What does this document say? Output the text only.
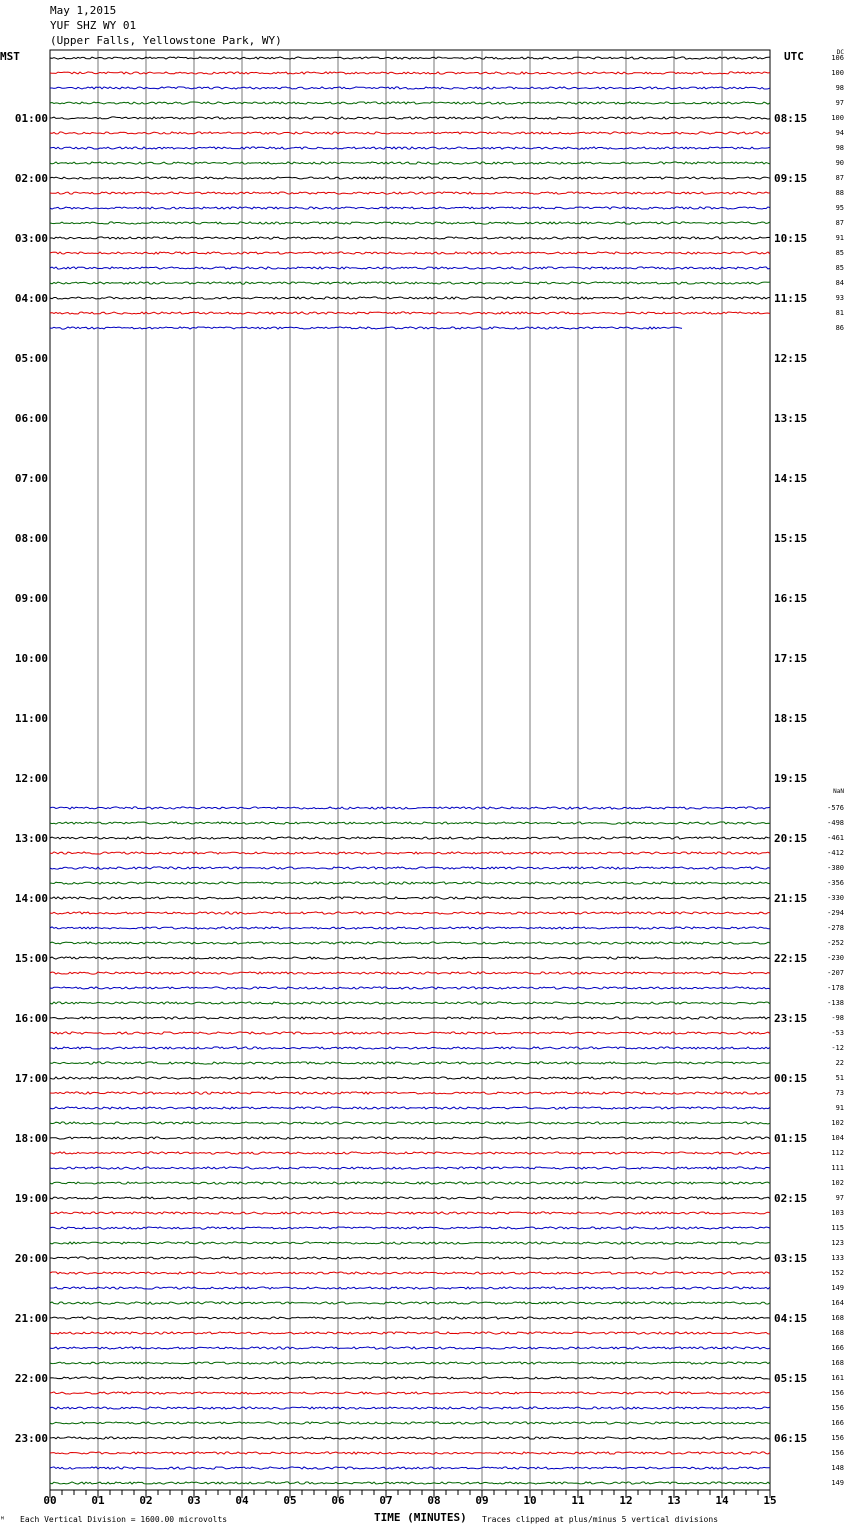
May 1,2015
YUF SHZ WY 01
(Upper Falls, Yellowstone Park, WY)
MST	UTC	DC
NaN
106
100
98
97
100
94
98
90
87
88
95
87
91
85
85
84
93
81
86
-576
-498
-461
-412
-380
-356
-330
-294
-278
-252
-230
-207
-178
-138
-98
-53
-12
22
51
73
91
102
104
112
111
102
97
103
115
123
133
152
149
164
168
168
166
168
161
156
156
166
156
156
148
149
01:00	08:15
02:00	09:15
03:00	10:15
04:00	11:15
05:00	12:15
06:00	13:15
07:00	14:15
08:00	15:15
09:00	16:15
10:00	17:15
11:00	18:15
12:00	19:15
13:00	20:15
14:00	21:15
15:00	22:15
16:00	23:15
17:00	00:15
18:00	01:15
19:00	02:15
20:00	03:15
21:00	04:15
22:00	05:15
23:00	06:15
00	01	02	03	04	05	06	07	08	09	10	11	12	13	14	15
ᴹ Each Vertical Division = 1600.00 microvolts	TIME (MINUTES) Traces clipped at plus/minus 5 vertical divisions
